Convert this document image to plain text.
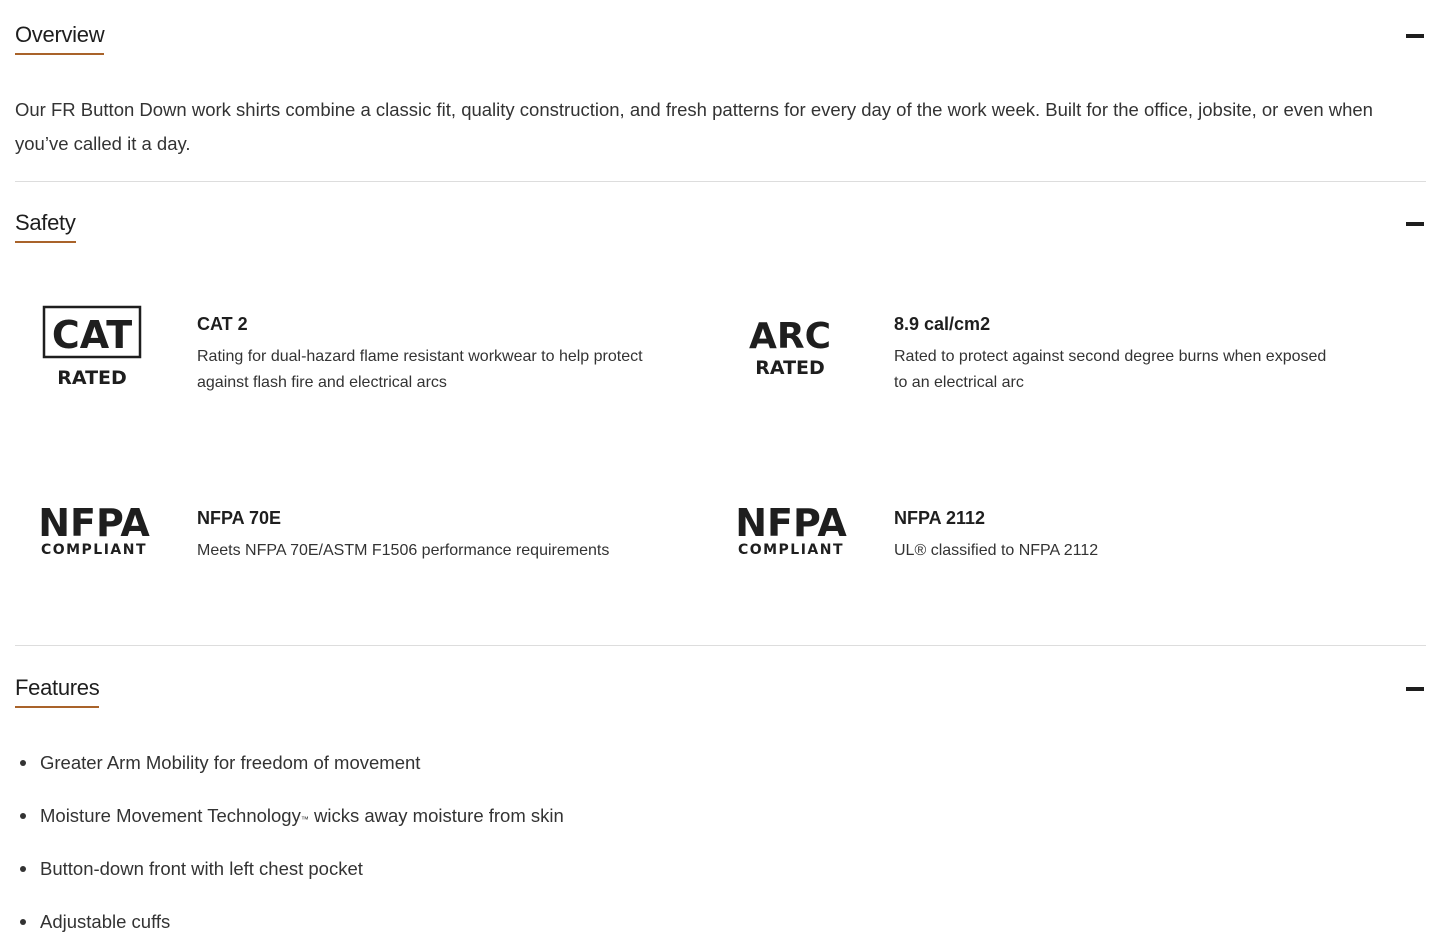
Overview

Our FR Button Down work shirts combine a classic fit, quality construction, and fresh patterns for every day of the work week. Built for the office, jobsite, or even when you’ve called it a day.

Safety
CAT
RATED

CAT 2

Rating for dual-hazard flame resistant workwear to help protect against flash fire and electrical arcs

ARC
RATED

8.9 cal/cm2

Rated to protect against second degree burns when exposed to an electrical arc

NFPA
COMPLIANT

NFPA 70E

Meets NFPA 70E/ASTM F1506 performance requirements

NFPA
COMPLIANT

NFPA 2112

UL® classified to NFPA 2112

Features
Greater Arm Mobility for freedom of movement
Moisture Movement Technology™ wicks away moisture from skin
Button-down front with left chest pocket
Adjustable cuffs
